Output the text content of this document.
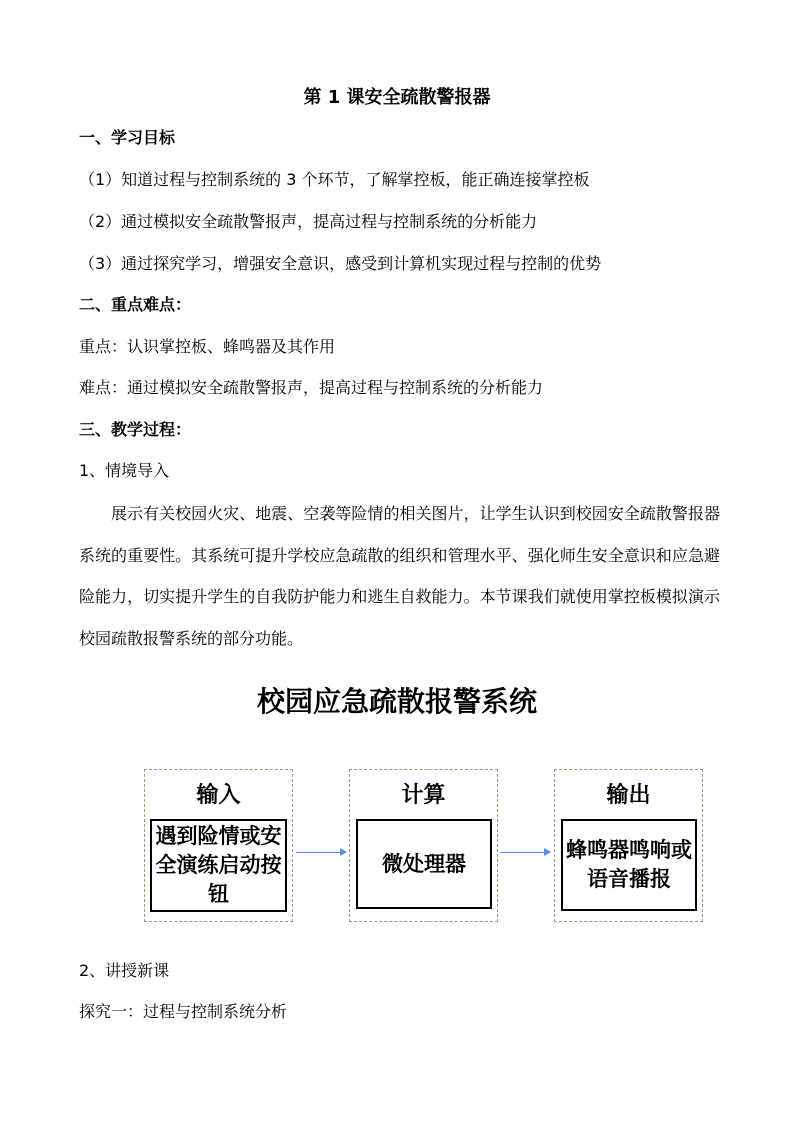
第 1 课安全疏散警报器
一、学习目标
（1）知道过程与控制系统的 3 个环节，了解掌控板，能正确连接掌控板
（2）通过模拟安全疏散警报声，提高过程与控制系统的分析能力
（3）通过探究学习，增强安全意识，感受到计算机实现过程与控制的优势
二、重点难点：
重点：认识掌控板、蜂鸣器及其作用
难点：通过模拟安全疏散警报声，提高过程与控制系统的分析能力
三、教学过程：
1、情境导入
展示有关校园火灾、地震、空袭等险情的相关图片，让学生认识到校园安全疏散警报器系统的重要性。其系统可提升学校应急疏散的组织和管理水平、强化师生安全意识和应急避险能力，切实提升学生的自我防护能力和逃生自救能力。本节课我们就使用掌控板模拟演示校园疏散报警系统的部分功能。
校园应急疏散报警系统
输入
遇到险情或安全演练启动按钮
计算
微处理器
输出
蜂鸣器鸣响或语音播报
2、讲授新课
探究一：过程与控制系统分析
